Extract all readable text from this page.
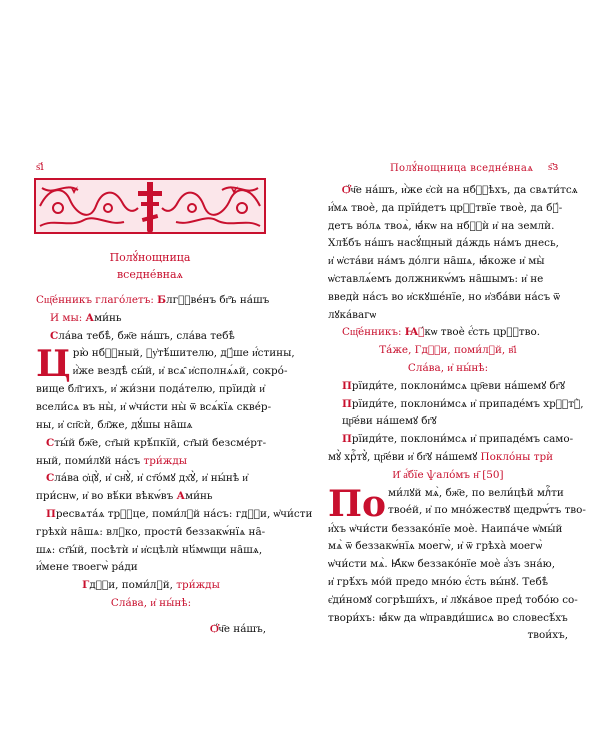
ѕ҃і
Полꙋ́нощница
вседне́внаѧ
Сщ҃е́нникъ глаго́летъ: Блгⷭ҇ве́нъ бг҃ъ на́шъ
И мы: Ами́нь
Сла́ва тебѣ̀, бж҃е на́шъ, сла́ва тебѣ̀
Ц рю̀ нбⷭ҇ный, ᲂу҆тѣ́шителю, дꙋ́ше и҆́стины,
и҆̀же вездѣ̀ сы́й, и҆ всѧ̑ и҆сполнѧ́ѧй, сокро́-
вище бл҃гихъ, и҆ жи́зни пода́телю, прїидѝ и҆
всели́сѧ въ ны̀, и҆ ѡ҆чи́сти ны̀ ѿ всѧ́кїѧ скве́р-
ны, и҆ сп҃сѝ, бл҃же, дꙋ́шы на̑шѧ
Сты́й бж҃е, ст҃ый крѣ́пкїй, ст҃ый безсме́рт-
ный, поми́лꙋй на́съ три́жды
Сла́ва ѻ҆ц҃ꙋ̀, и҆ сн҃ꙋ̀, и҆ ст҃о́мꙋ дх҃ꙋ̀, и҆ ны́нѣ и҆
при́снѡ, и҆ во вѣ́ки вѣкѡ́въ Ами́нь
Пресвѧта́ѧ трⷪ҇це, поми́лꙋй на́съ: гдⷭ҇и, ѡ҆чи́сти
грѣхѝ на̑шѧ: влⷣко, прости̑ беззакѡ́нїѧ на̑-
шѧ: ст҃ы́й, посѣтѝ и҆ и҆сцѣлѝ нե́мѡщи на̑шѧ,
и҆́мене твоегѡ̀ ра́ди
Гдⷭ҇и, поми́лꙋй, три́жды
Сла́ва, и҆ ны́нѣ:
Ѻ҆́ч҃е на́шъ,
Полꙋ́нощница вседне́внаѧ ѕ҃з
Ѻ҆́ч҃е на́шъ, и҆̀же є҆сѝ на нбⷭ҇ѣхъ, да свѧти́тсѧ
и҆́мѧ твоѐ, да прїи́детъ црⷭ҇твїе твоѐ, да бꙋ́-
детъ во́лѧ твоѧ̀, ꙗ҆́кѡ на нбⷭ҇ѝ и҆ на землѝ.
Хлѣ́бъ на́шъ насꙋ́щный да́ждь на́мъ днесь,
и҆ ѡ҆ста́ви на́мъ до́лги на̑шѧ, ꙗ҆́коже и҆ мы̀
ѡ҆ставлѧ́емъ должникѡ́мъ на̑шымъ: и҆ не
введѝ на́съ во и҆скꙋше́нїе, но и҆зба́ви на́съ ѿ
лꙋка́вагѡ
Сщ҃е́нникъ: Ꙗ҆́кѡ твоѐ є҆́сть црⷭ҇тво.
Та́же, Гдⷭ҇и, поми́лꙋй, в҃і
Сла́ва, и҆ ны́нѣ:
Прїиди́те, поклони́мсѧ цр҃еви на́шемꙋ бг҃ꙋ
Прїиди́те, поклони́мсѧ и҆ припаде́мъ хрⷭ҇тꙋ̀,
цр҃е́ви на́шемꙋ бг҃ꙋ
Прїиди́те, поклони́мсѧ и҆ припаде́мъ само-
мꙋ̀ хрⷭ҇тꙋ̀, цр҃е́ви и҆ бг҃ꙋ на́шемꙋ Покло́ны трѝ
И҆ а҆́бїе ѱало́мъ н҃ [50]
По ми́лꙋй мѧ̀, бж҃е, по вели́цѣй млⷭ҇ти
твое́й, и҆ по мно́жествꙋ щедрѡ́тъ тво-
и҆́хъ ѡ҆чи́сти беззако́нїе моѐ. Наипа́че ѡ҆мы́й
мѧ̀ ѿ беззакѡ́нїѧ моегѡ̀, и҆ ѿ грѣха̀ моегѡ̀
ѡ҆чи́сти мѧ̀. Ꙗ҆́кѡ беззако́нїе моѐ а҆́зъ зна́ю,
и҆ грѣ́хъ мо́й предо мно́ю є҆́сть вы́нꙋ. Тебѣ̀
є҆ди́номꙋ согрѣши́хъ, и҆ лꙋка́вое пред̾ тобо́ю со-
твори́хъ: ꙗ҆́кѡ да ѡ҆правди́шисѧ во словесѣ́хъ
твои́хъ,
